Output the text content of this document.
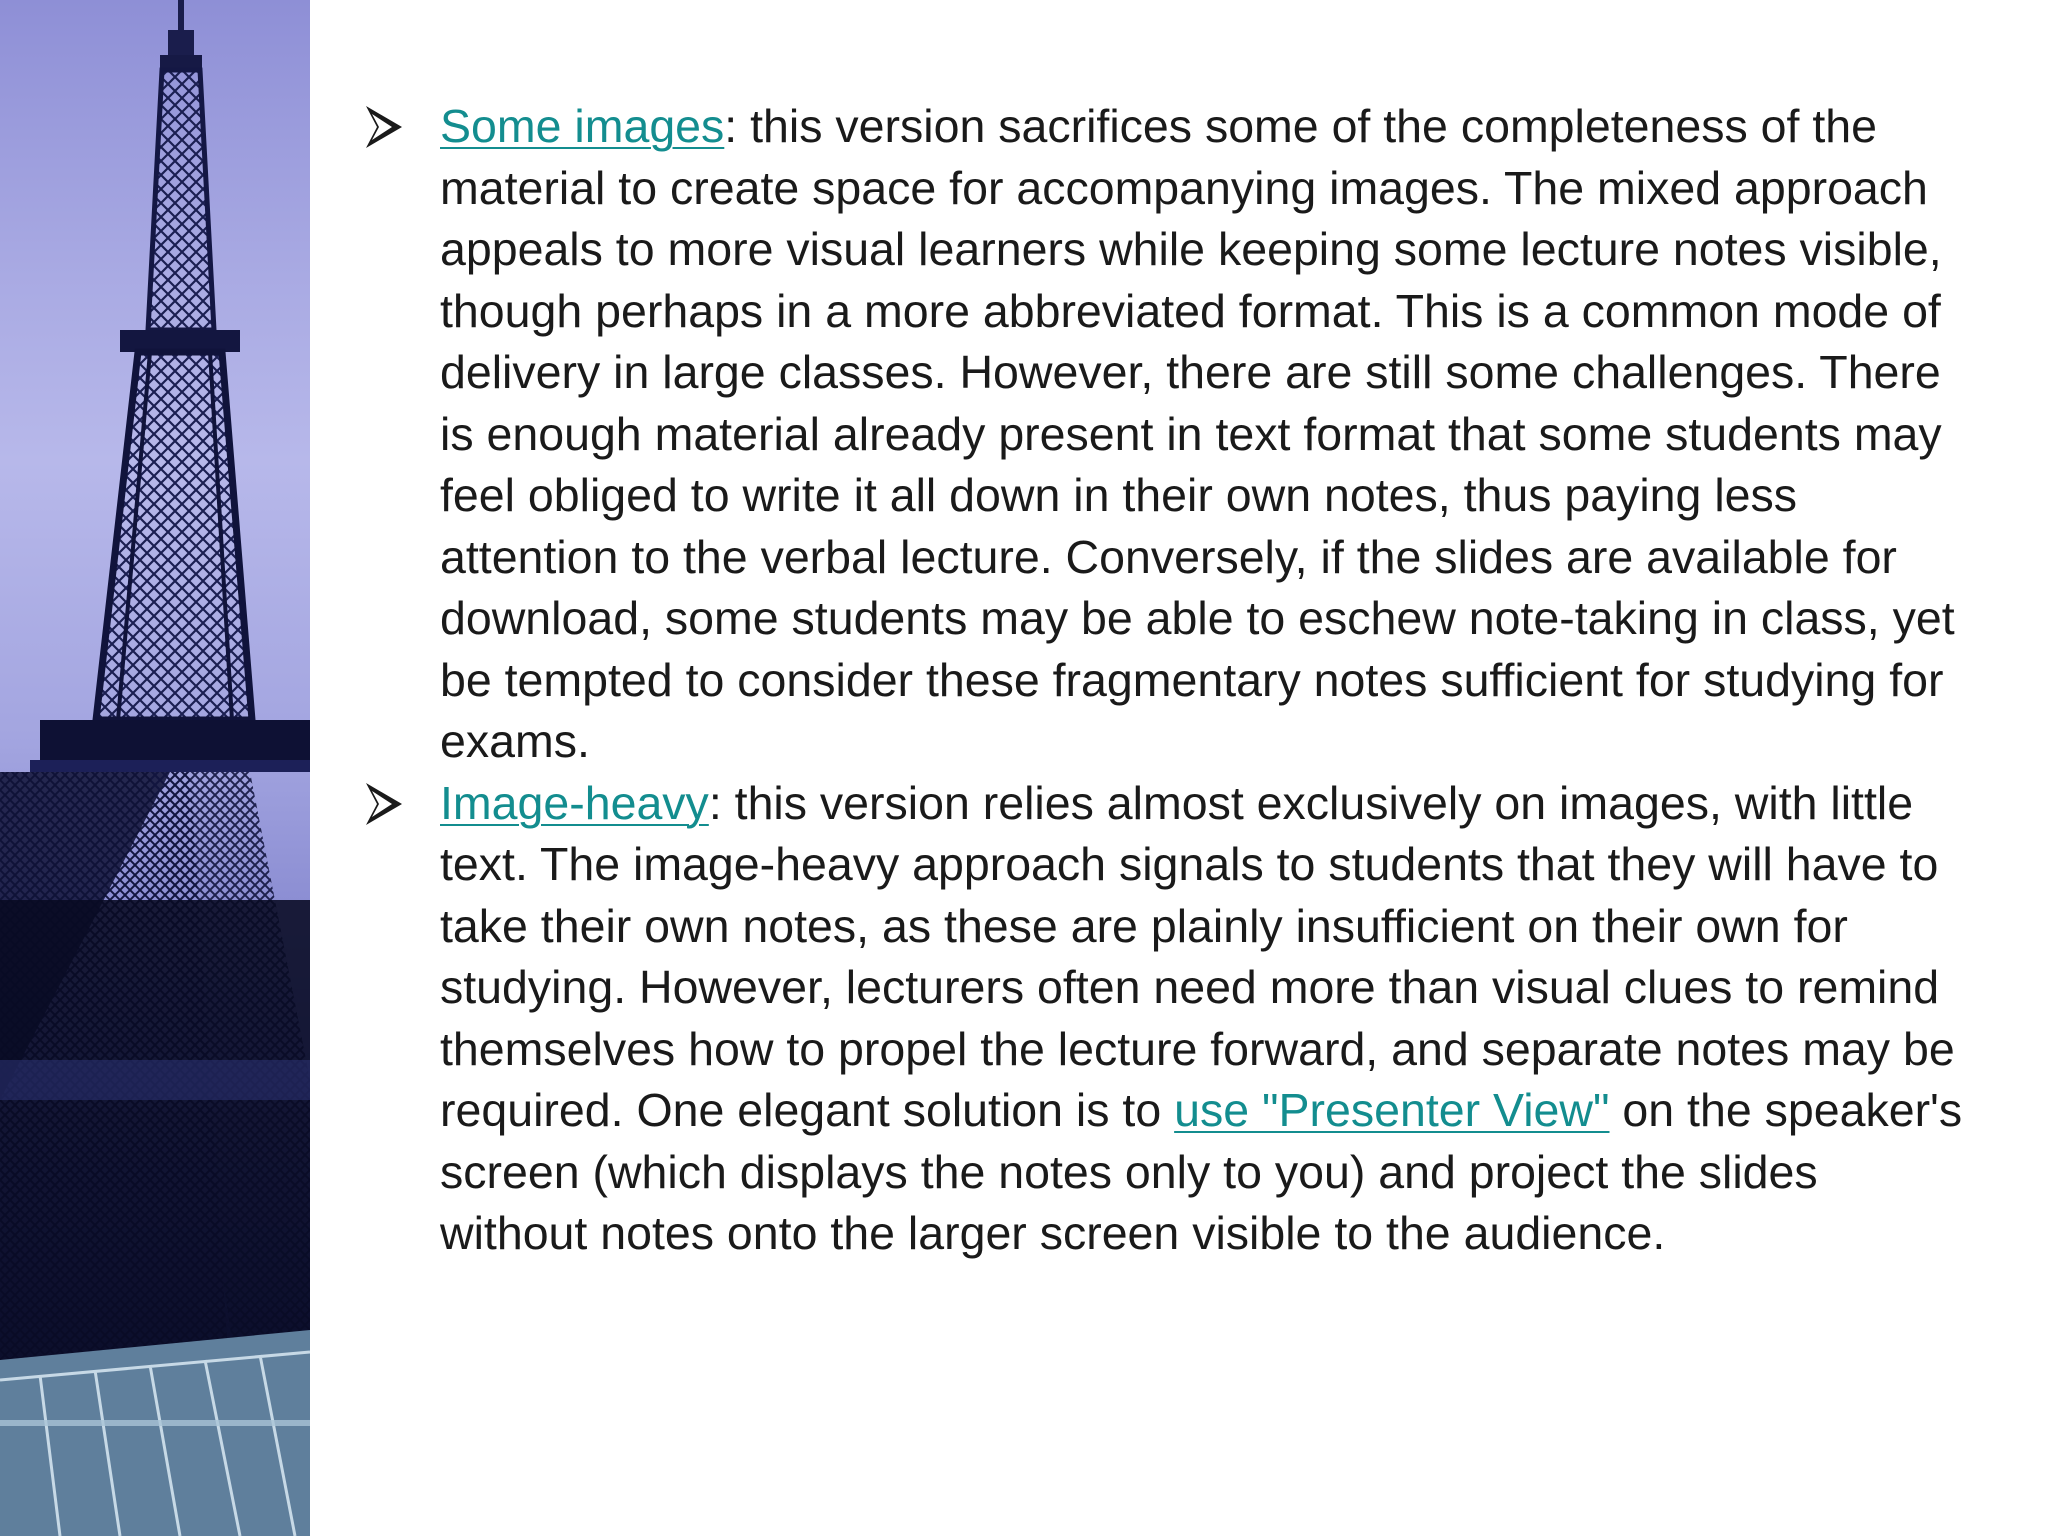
Some images: this version sacrifices some of the completeness of the material to create space for accompanying images. The mixed approach appeals to more visual learners while keeping some lecture notes visible, though perhaps in a more abbreviated format. This is a common mode of delivery in large classes. However, there are still some challenges. There is enough material already present in text format that some students may feel obliged to write it all down in their own notes, thus paying less attention to the verbal lecture. Conversely, if the slides are available for download, some students may be able to eschew note-taking in class, yet be tempted to consider these fragmentary notes sufficient for studying for exams.
Image-heavy: this version relies almost exclusively on images, with little text. The image-heavy approach signals to students that they will have to take their own notes, as these are plainly insufficient on their own for studying. However, lecturers often need more than visual clues to remind themselves how to propel the lecture forward, and separate notes may be required. One elegant solution is to use "Presenter View" on the speaker's screen (which displays the notes only to you) and project the slides without notes onto the larger screen visible to the audience.
